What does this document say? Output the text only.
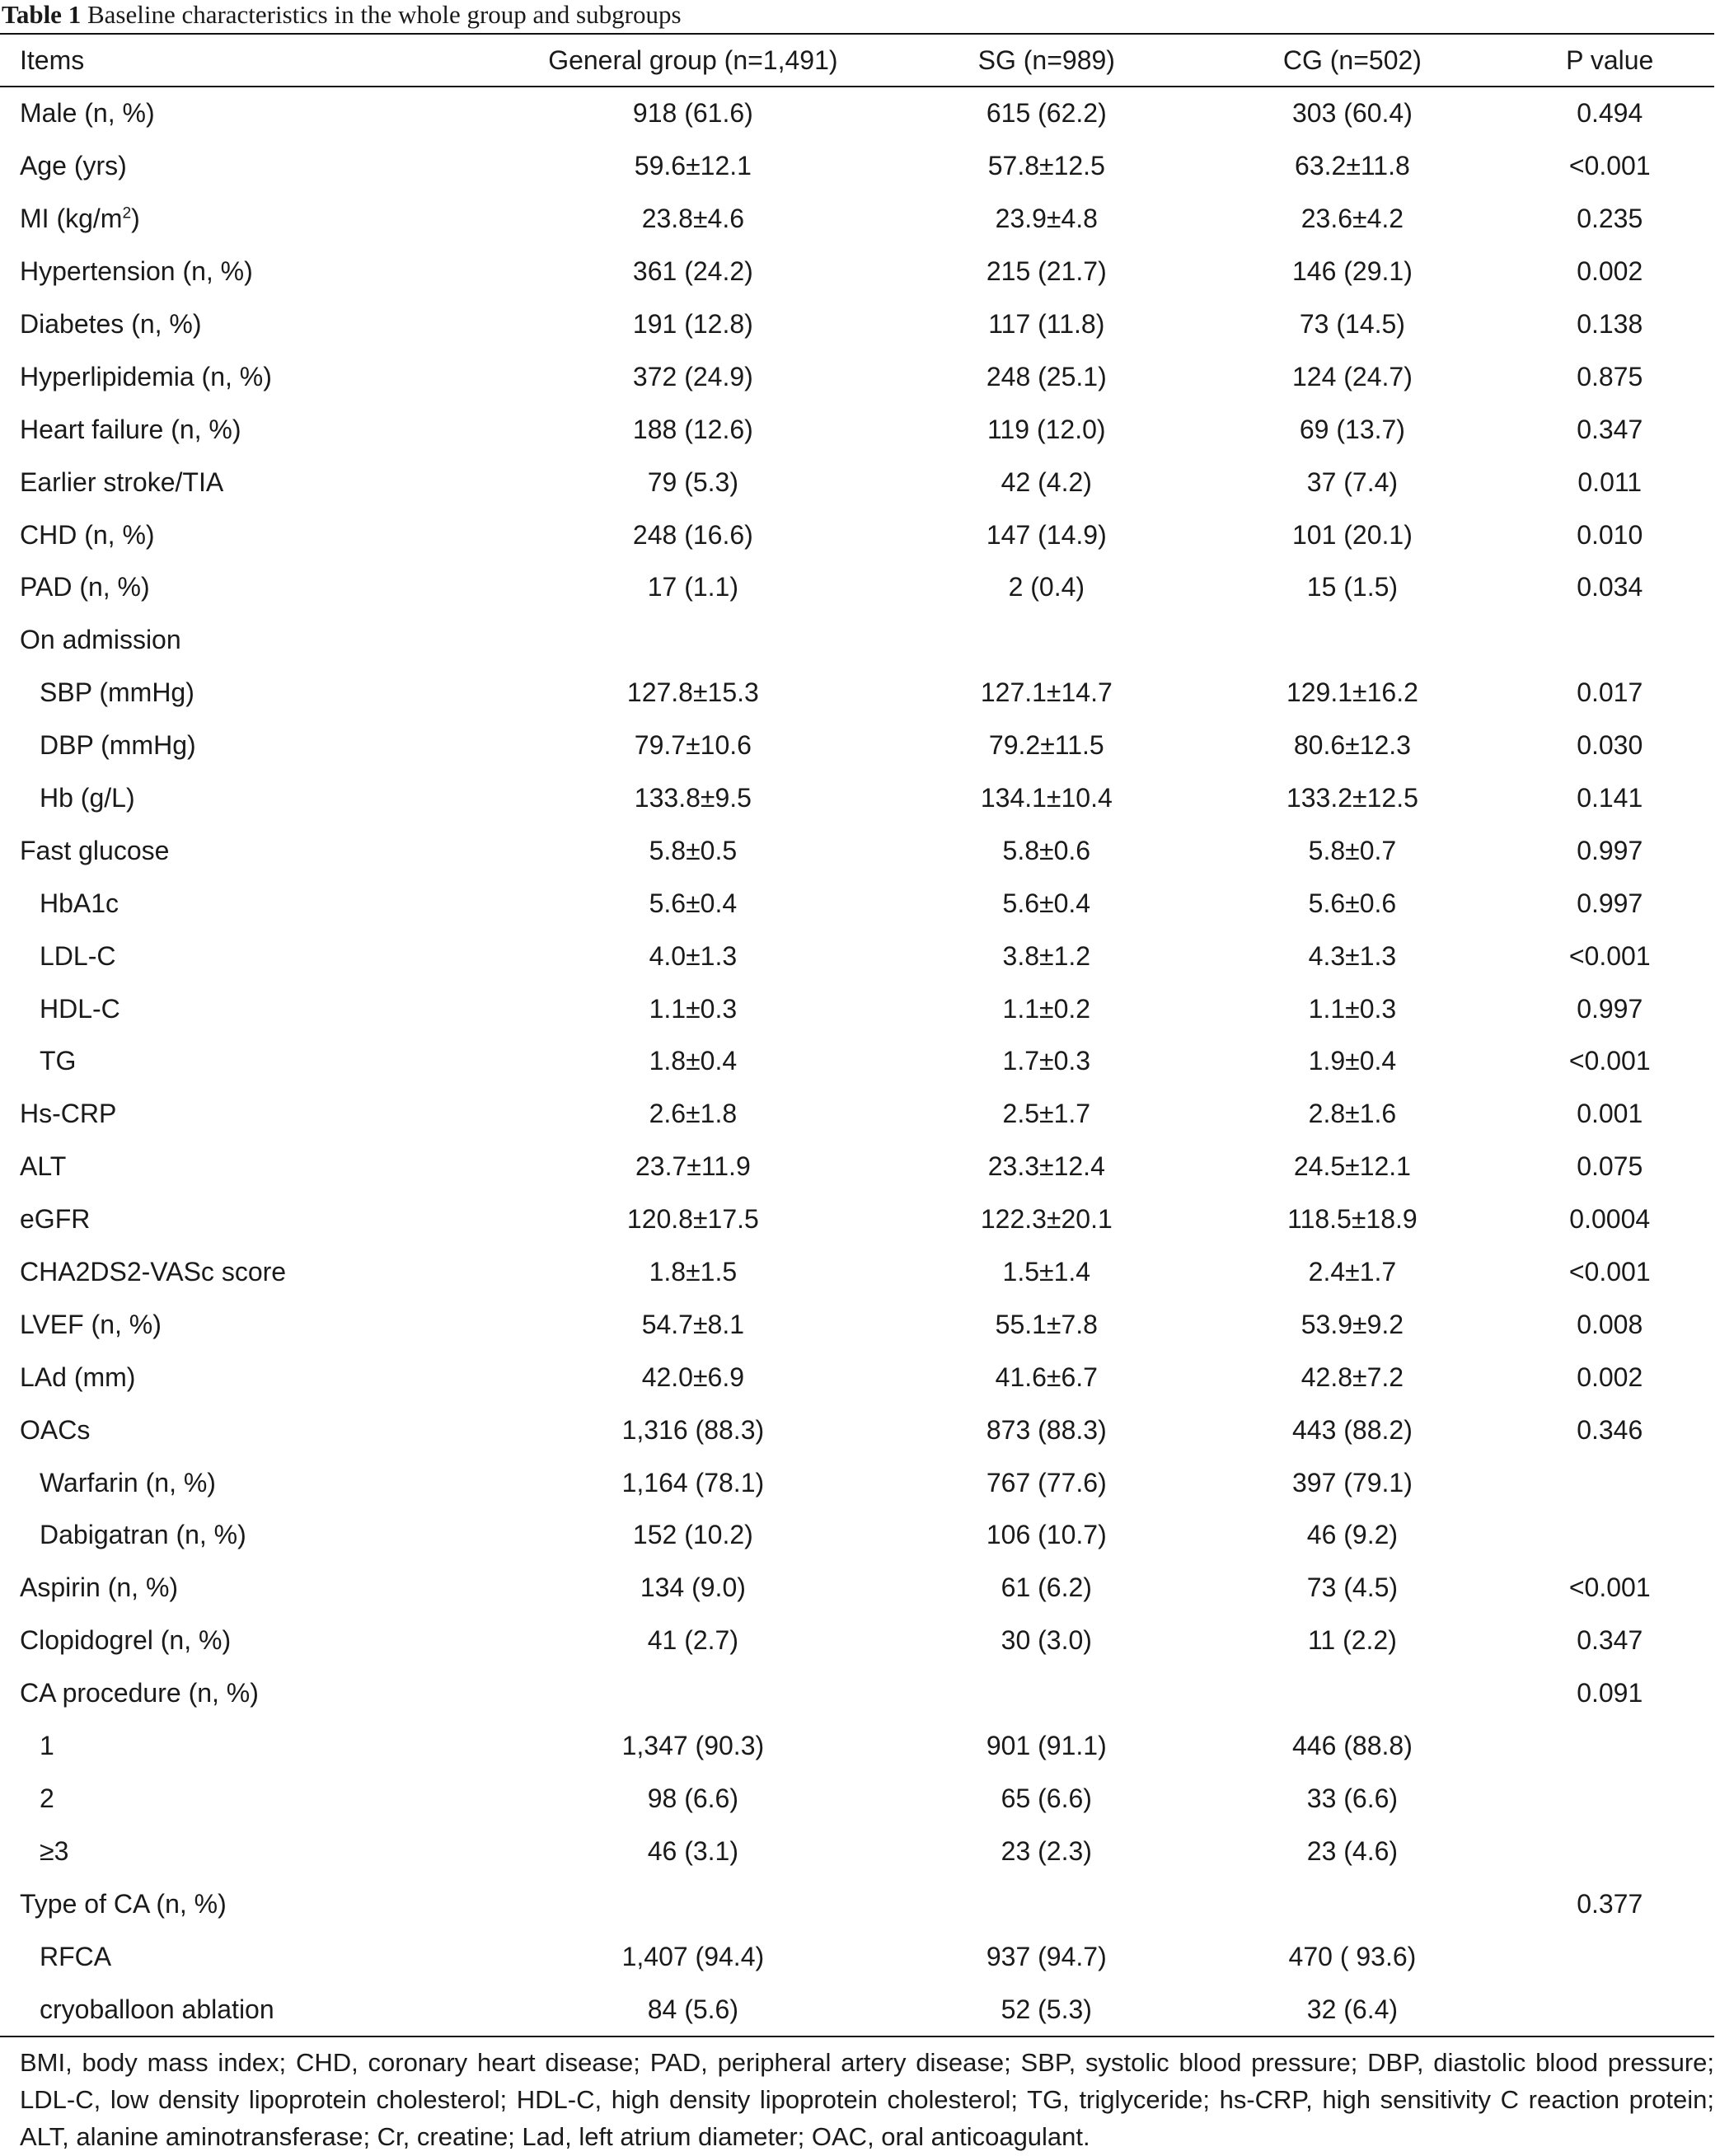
Table 1 Baseline characteristics in the whole group and subgroups
Items	General group (n=1,491)	SG (n=989)	CG (n=502)	P value
Male (n, %)	918 (61.6)	615 (62.2)	303 (60.4)	0.494
Age (yrs)	59.6±12.1	57.8±12.5	63.2±11.8	<0.001
MI $(kg/m^2)$	23.8±4.6	23.9±4.8	23.6±4.2	0.235
Hypertension (n, %)	361 (24.2)	215 (21.7)	146 (29.1)	0.002
Diabetes (n, %)	191 (12.8)	117 (11.8)	73 (14.5)	0.138
Hyperlipidemia (n, %)	372 (24.9)	248 (25.1)	124 (24.7)	0.875
Heart failure (n, %)	188 (12.6)	119 (12.0)	69 (13.7)	0.347
Earlier stroke/TIA	79 (5.3)	42 (4.2)	37 (7.4)	0.011
CHD (n, %)	248 (16.6)	147 (14.9)	101 (20.1)	0.010
PAD (n, %)	17 (1.1)	2 (0.4)	15 (1.5)	0.034
On admission				
SBP (mmHg)	127.8±15.3	127.1±14.7	129.1±16.2	0.017
DBP (mmHg)	79.7±10.6	79.2±11.5	80.6±12.3	0.030
Hb (g/L)	133.8±9.5	134.1±10.4	133.2±12.5	0.141
Fast glucose	5.8±0.5	5.8±0.6	5.8±0.7	0.997
HbA1c	5.6±0.4	5.6±0.4	5.6±0.6	0.997
LDL-C	4.0±1.3	3.8±1.2	4.3±1.3	<0.001
HDL-C	1.1±0.3	1.1±0.2	1.1±0.3	0.997
TG	1.8±0.4	1.7±0.3	1.9±0.4	<0.001
Hs-CRP	2.6±1.8	2.5±1.7	2.8±1.6	0.001
ALT	23.7±11.9	23.3±12.4	24.5±12.1	0.075
eGFR	120.8±17.5	122.3±20.1	118.5±18.9	0.0004
CHA2DS2-VASc score	1.8±1.5	1.5±1.4	2.4±1.7	<0.001
LVEF (n, %)	54.7±8.1	55.1±7.8	53.9±9.2	0.008
LAd (mm)	42.0±6.9	41.6±6.7	42.8±7.2	0.002
OACs	1,316 (88.3)	873 (88.3)	443 (88.2)	0.346
Warfarin (n, %)	1,164 (78.1)	767 (77.6)	397 (79.1)	
Dabigatran (n, %)	152 (10.2)	106 (10.7)	46 (9.2)	
Aspirin (n, %)	134 (9.0)	61 (6.2)	73 (4.5)	<0.001
Clopidogrel (n, %)	41 (2.7)	30 (3.0)	11 (2.2)	0.347
CA procedure (n, %)				0.091
1	1,347 (90.3)	901 (91.1)	446 (88.8)	
2	98 (6.6)	65 (6.6)	33 (6.6)	
≥3	46 (3.1)	23 (2.3)	23 (4.6)	
Type of CA (n, %)				0.377
RFCA	1,407 (94.4)	937 (94.7)	470 ( 93.6)	
cryoballoon ablation	84 (5.6)	52 (5.3)	32 (6.4)	
BMI, body mass index; CHD, coronary heart disease; PAD, peripheral artery disease; SBP, systolic blood pressure; DBP, diastolic blood pressure; LDL-C, low density lipoprotein cholesterol; HDL-C, high density lipoprotein cholesterol; TG, triglyceride; hs-CRP, high sensitivity C reaction protein; ALT, alanine aminotransferase; Cr, creatine; Lad, left atrium diameter; OAC, oral anticoagulant.
